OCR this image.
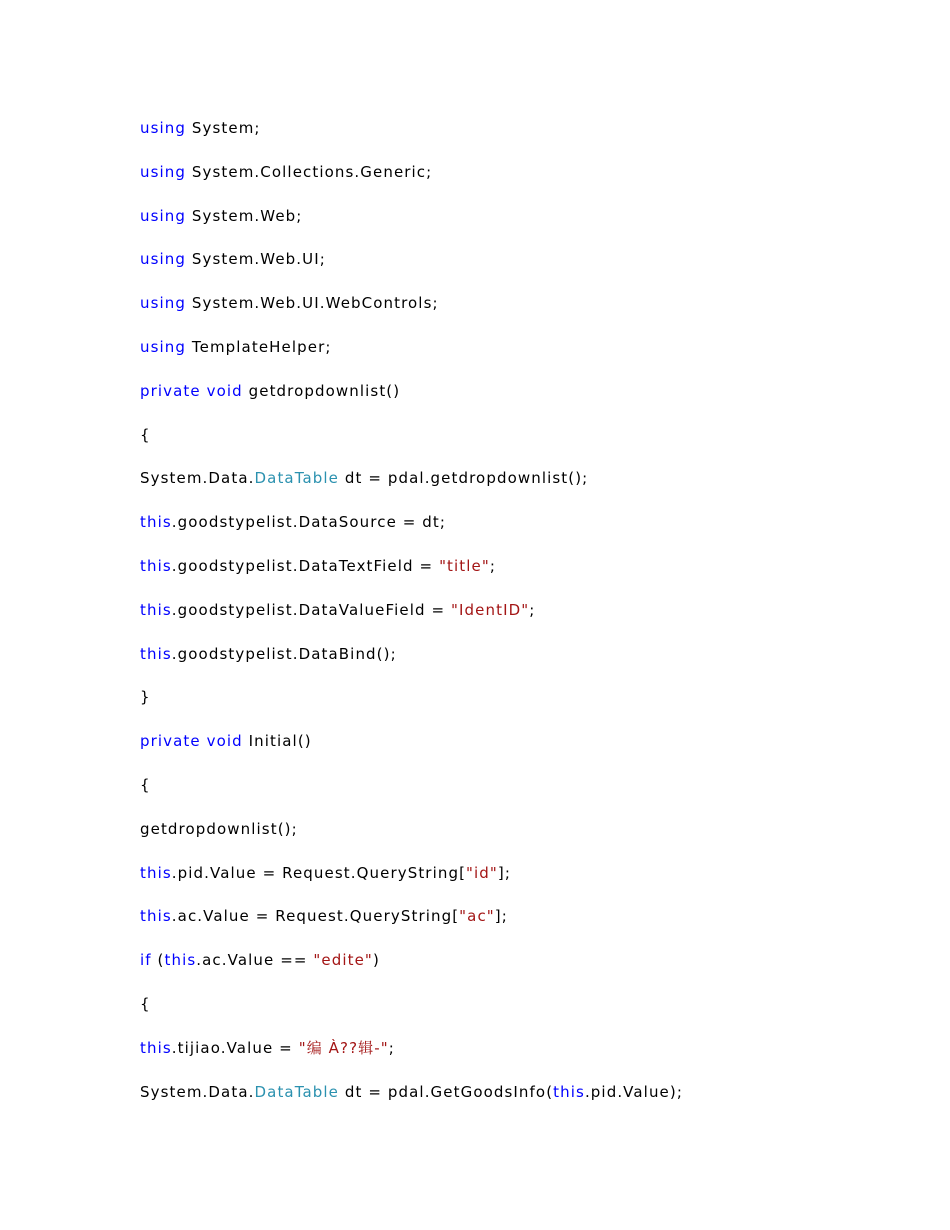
using System;
using System.Collections.Generic;
using System.Web;
using System.Web.UI;
using System.Web.UI.WebControls;
using TemplateHelper;
private void getdropdownlist()
{
System.Data.DataTable dt = pdal.getdropdownlist();
this.goodstypelist.DataSource = dt;
this.goodstypelist.DataTextField = "title";
this.goodstypelist.DataValueField = "IdentID";
this.goodstypelist.DataBind();
}
private void Initial()
{
getdropdownlist();
this.pid.Value = Request.QueryString["id"];
this.ac.Value = Request.QueryString["ac"];
if (this.ac.Value == "edite")
{
this.tijiao.Value = "编 À??辑-";
System.Data.DataTable dt = pdal.GetGoodsInfo(this.pid.Value);
